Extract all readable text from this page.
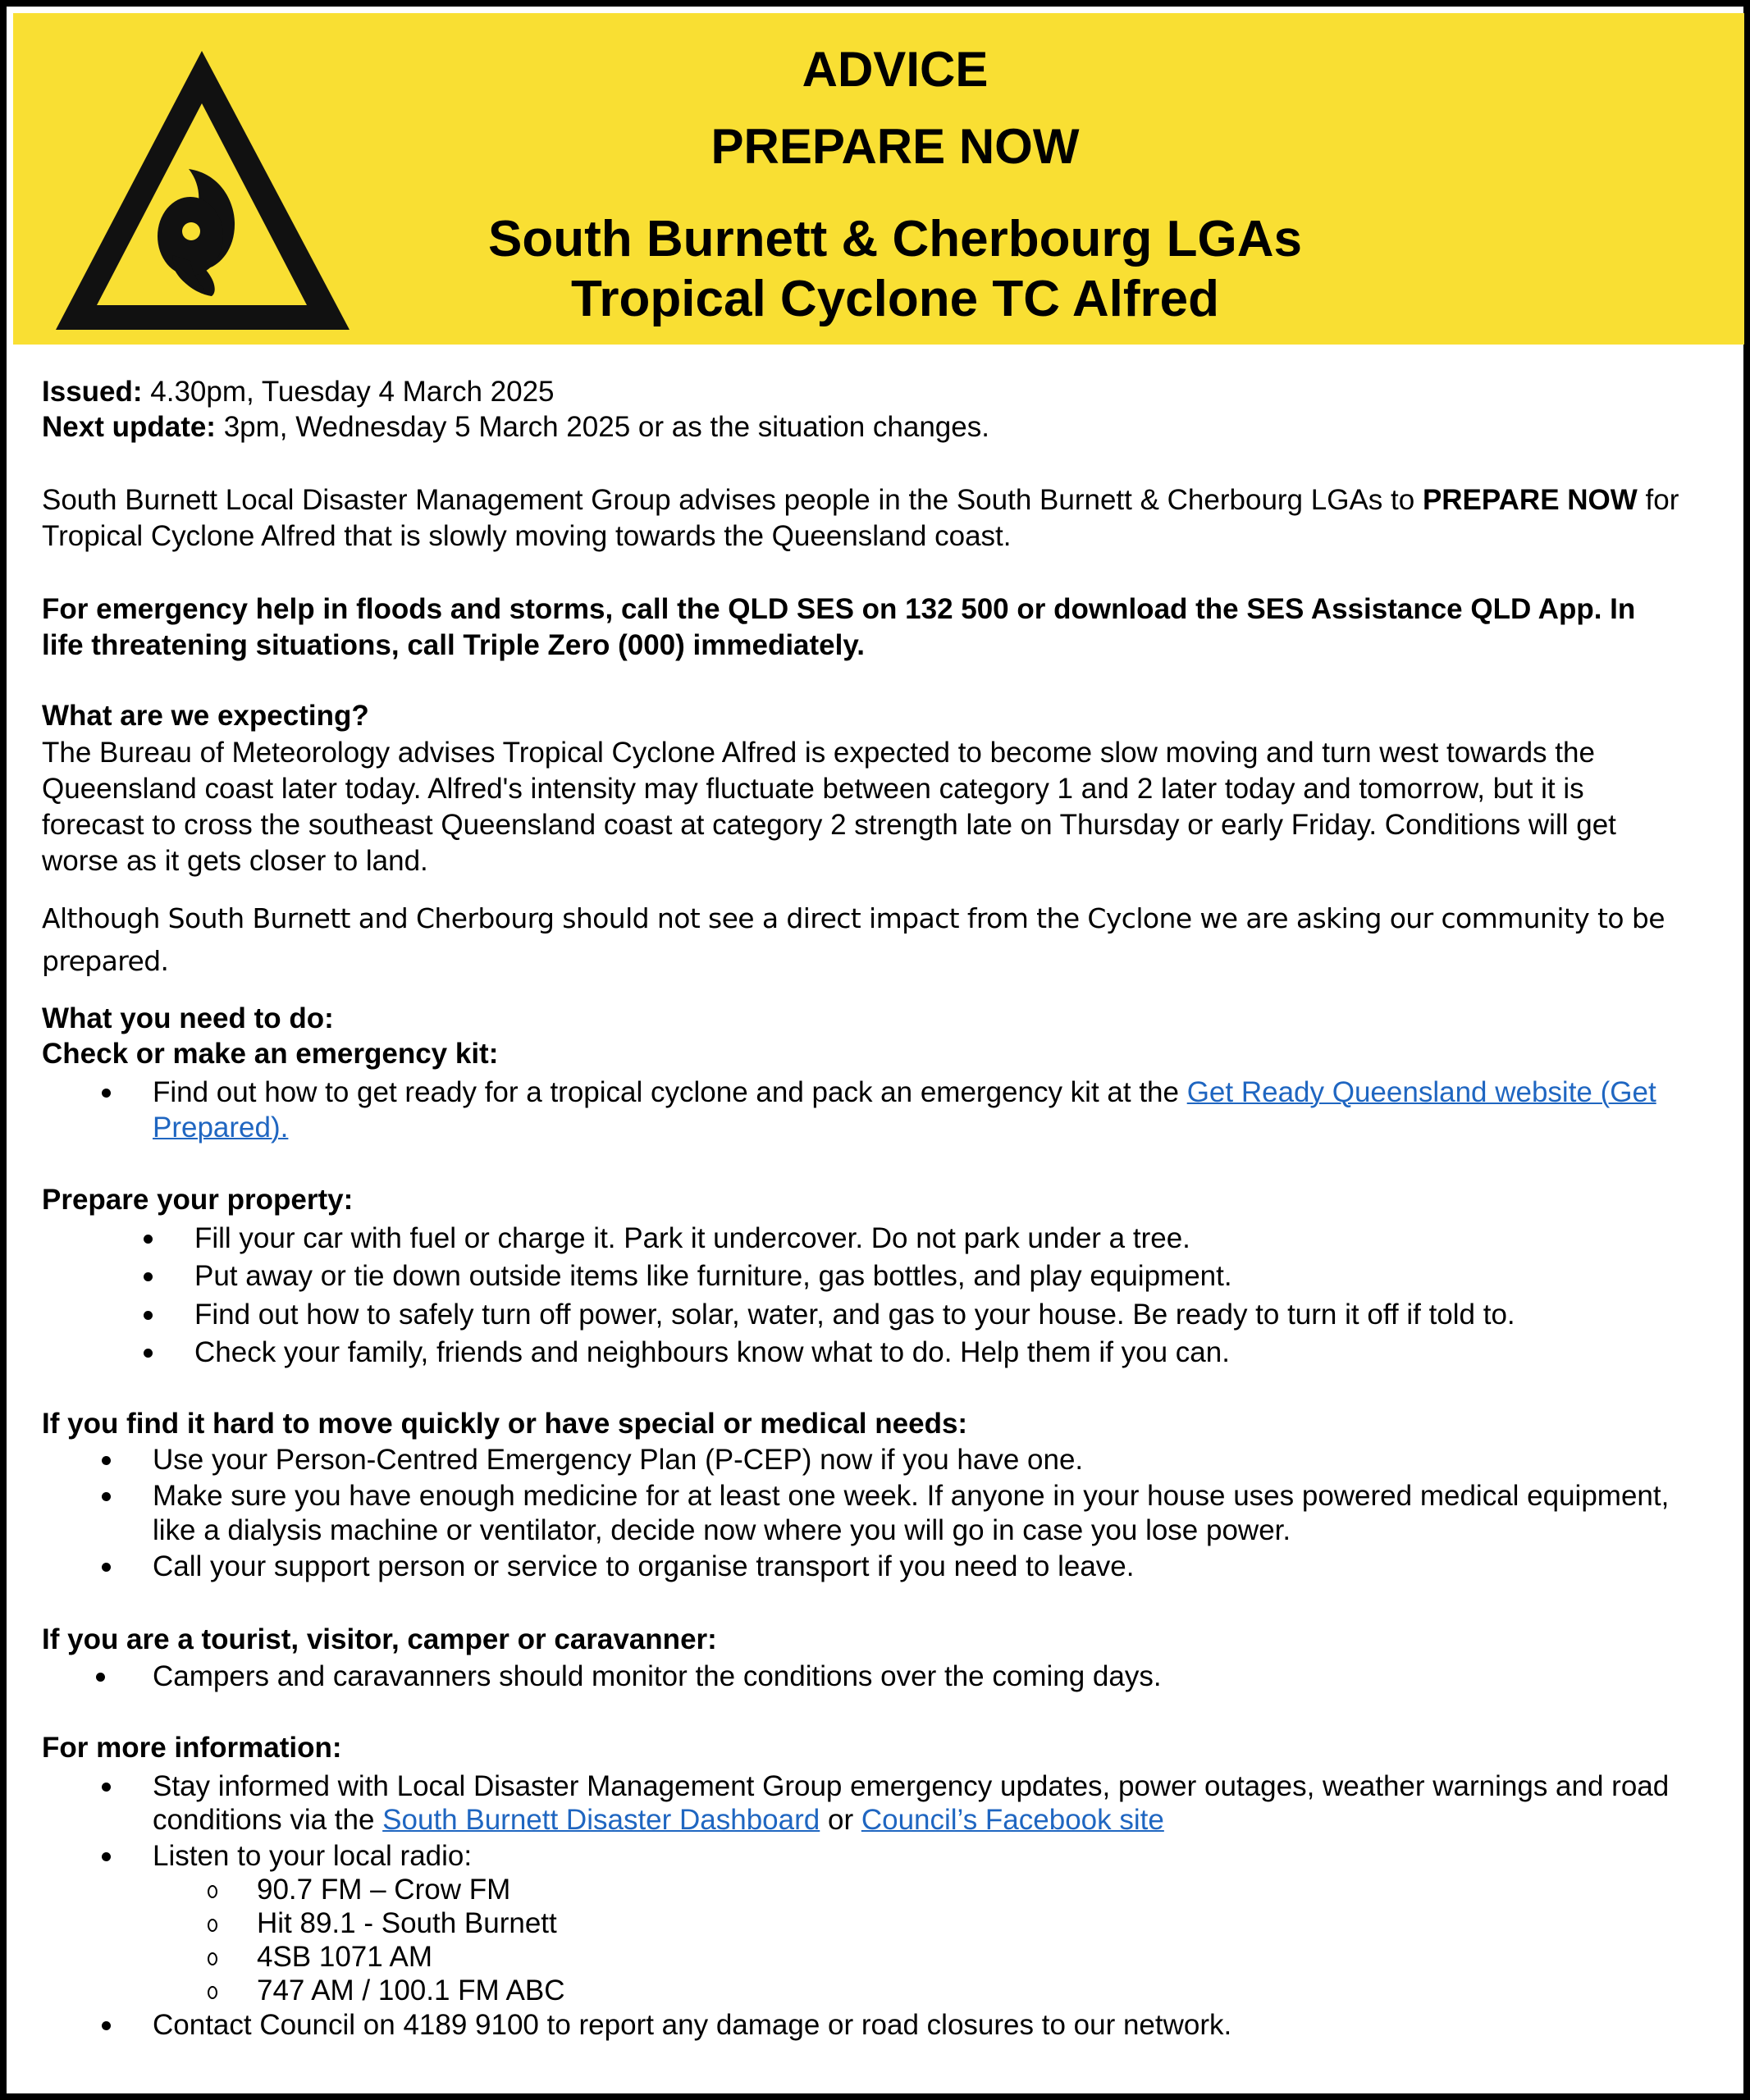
ADVICE
PREPARE NOW
South Burnett & Cherbourg LGAs
Tropical Cyclone TC Alfred
Issued: 4.30pm, Tuesday 4 March 2025
Next update: 3pm, Wednesday 5 March 2025 or as the situation changes.
South Burnett Local Disaster Management Group advises people in the South Burnett & Cherbourg LGAs to PREPARE NOW for
Tropical Cyclone Alfred that is slowly moving towards the Queensland coast.
For emergency help in floods and storms, call the QLD SES on 132 500 or download the SES Assistance QLD App. In
life threatening situations, call Triple Zero (000) immediately.
What are we expecting?
The Bureau of Meteorology advises Tropical Cyclone Alfred is expected to become slow moving and turn west towards the
Queensland coast later today. Alfred's intensity may fluctuate between category 1 and 2 later today and tomorrow, but it is
forecast to cross the southeast Queensland coast at category 2 strength late on Thursday or early Friday. Conditions will get
worse as it gets closer to land.
Although South Burnett and Cherbourg should not see a direct impact from the Cyclone we are asking our community to be
prepared.
What you need to do:
Check or make an emergency kit:
Find out how to get ready for a tropical cyclone and pack an emergency kit at the Get Ready Queensland website (Get
Prepared).
Prepare your property:
Fill your car with fuel or charge it. Park it undercover. Do not park under a tree.
Put away or tie down outside items like furniture, gas bottles, and play equipment.
Find out how to safely turn off power, solar, water, and gas to your house. Be ready to turn it off if told to.
Check your family, friends and neighbours know what to do. Help them if you can.
If you find it hard to move quickly or have special or medical needs:
Use your Person-Centred Emergency Plan (P-CEP) now if you have one.
Make sure you have enough medicine for at least one week. If anyone in your house uses powered medical equipment,
like a dialysis machine or ventilator, decide now where you will go in case you lose power.
Call your support person or service to organise transport if you need to leave.
If you are a tourist, visitor, camper or caravanner:
Campers and caravanners should monitor the conditions over the coming days.
For more information:
Stay informed with Local Disaster Management Group emergency updates, power outages, weather warnings and road
conditions via the South Burnett Disaster Dashboard or Council’s Facebook site
Listen to your local radio:
90.7 FM – Crow FM
Hit 89.1 - South Burnett
4SB 1071 AM
747 AM / 100.1 FM ABC
Contact Council on 4189 9100 to report any damage or road closures to our network.
